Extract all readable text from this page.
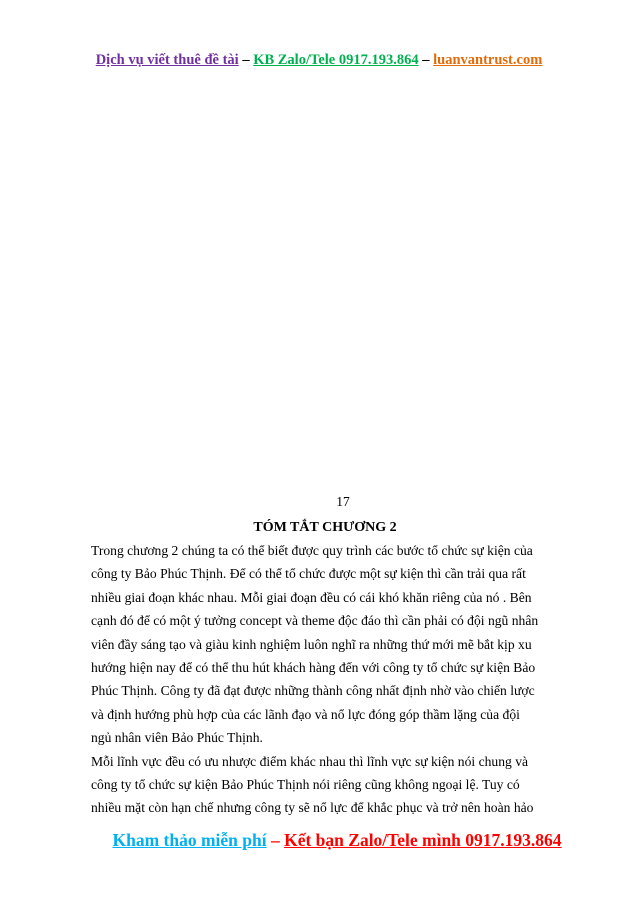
Dịch vụ viết thuê đề tài – KB Zalo/Tele 0917.193.864 – luanvantrust.com
17
TÓM TẮT CHƯƠNG 2

Trong chương 2 chúng ta có thể biết được quy trình các bước tổ chức sự kiện của

công ty Bảo Phúc Thịnh. Để có thể tổ chức được một sự kiện thì cần trải qua rất

nhiều giai đoạn khác nhau. Mỗi giai đoạn đều có cái khó khăn riêng của nó . Bên

cạnh đó để có một ý tưởng concept và theme độc đáo thì cần phải có đội ngũ nhân

viên đầy sáng tạo và giàu kinh nghiệm luôn nghĩ ra những thứ mới mẽ bắt kịp xu

hướng hiện nay để có thể thu hút khách hàng đến với công ty tổ chức sự kiện Bảo

Phúc Thịnh. Công ty đã đạt được những thành công nhất định nhờ vào chiến lược

và định hướng phù hợp của các lãnh đạo và nổ lực đóng góp thầm lặng của đội

ngủ nhân viên Bảo Phúc Thịnh.

Mỗi lĩnh vực đều có ưu nhược điểm khác nhau thì lĩnh vực sự kiện nói chung và

công ty tổ chức sự kiện Bảo Phúc Thịnh nói riêng cũng không ngoại lệ. Tuy có

nhiều mặt còn hạn chế nhưng công ty sẽ nổ lực để khắc phục và trở nên hoàn hảo

Kham thảo miễn phí – Kết bạn Zalo/Tele mình 0917.193.864
